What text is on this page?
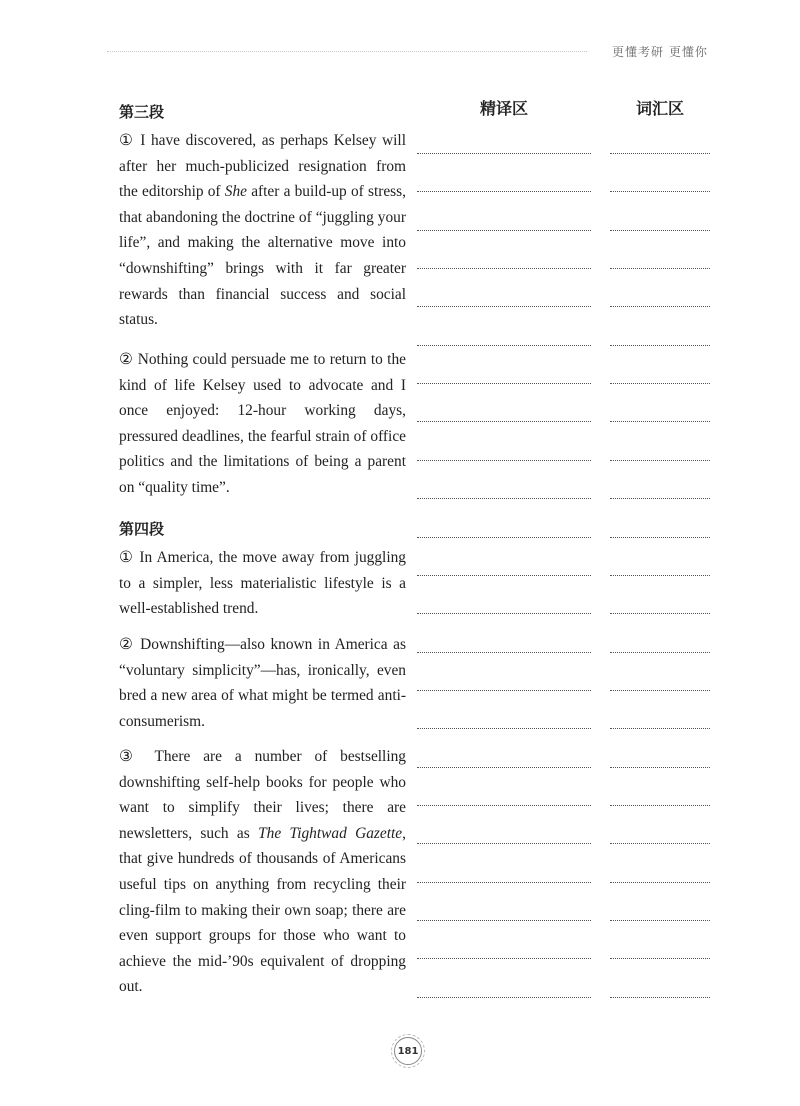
更懂考研 更懂你
精译区	词汇区
第三段

① I have discovered, as perhaps Kelsey will after her much-publicized resignation from the editorship of She after a build-up of stress, that abandoning the doctrine of “juggling your life”, and making the alternative move into “downshifting” brings with it far greater rewards than financial success and social status.

② Nothing could persuade me to return to the kind of life Kelsey used to advocate and I once enjoyed: 12-hour working days, pressured deadlines, the fearful strain of office politics and the limitations of being a parent on “quality time”.

第四段

① In America, the move away from juggling to a simpler, less materialistic lifestyle is a well-established trend.

② Downshifting—also known in America as “voluntary simplicity”—has, ironically, even bred a new area of what might be termed anti-consumerism.

③ There are a number of bestselling downshifting self-help books for people who want to simplify their lives; there are newsletters, such as The Tightwad Gazette, that give hundreds of thousands of Americans useful tips on anything from recycling their cling-film to making their own soap; there are even support groups for those who want to achieve the mid-’90s equivalent of dropping out.

181
